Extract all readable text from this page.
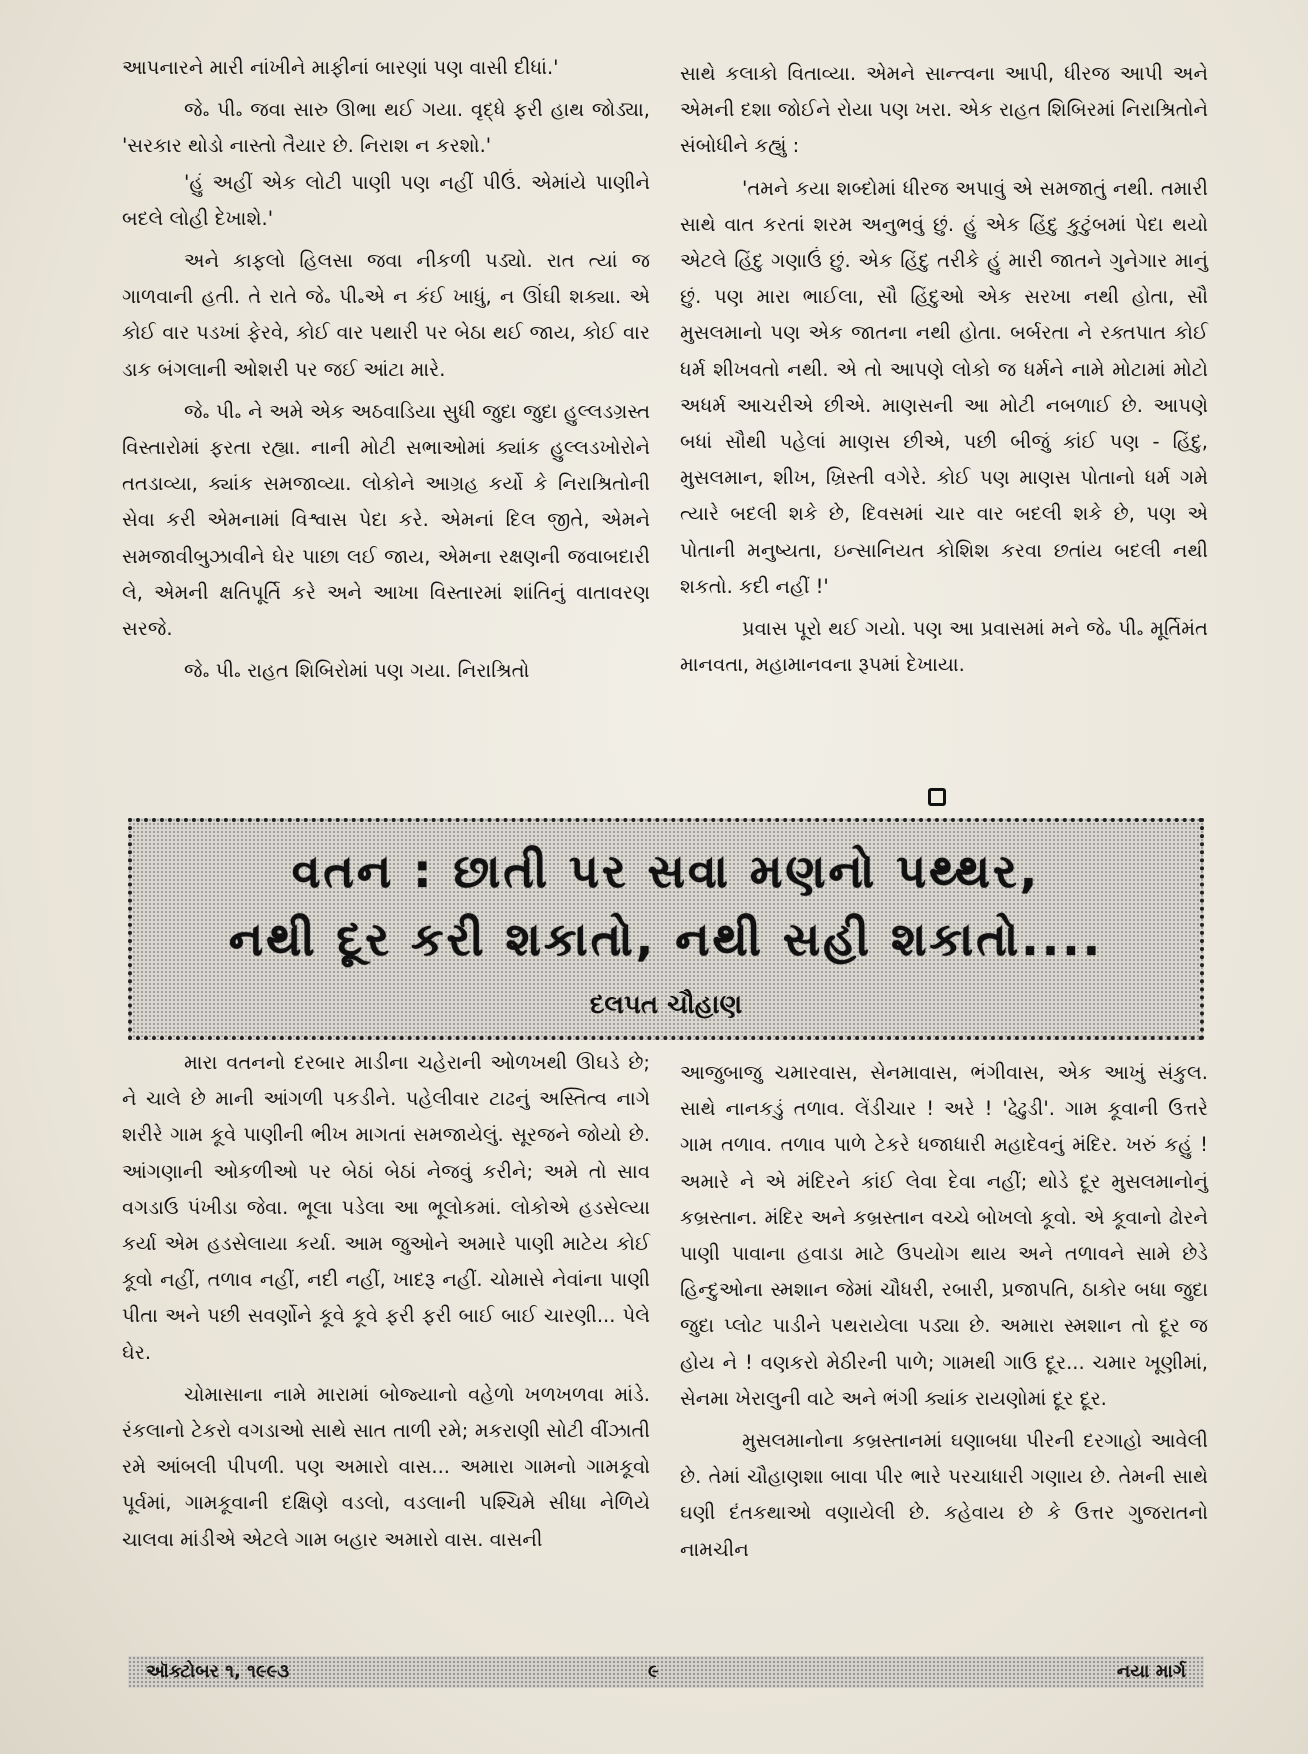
આપનારને મારી નાંખીને માફીનાં બારણાં પણ વાસી દીધાં.'

જે૰ પી૰ જવા સારુ ઊભા થઈ ગયા. વૃદ્ધે ફરી હાથ જોડ્યા, 'સરકાર થોડો નાસ્તો તૈયાર છે. નિરાશ ન કરશો.'

'હું અહીં એક લોટી પાણી પણ નહીં પીઉં. એમાંયે પાણીને બદલે લોહી દેખાશે.'

અને કાફલો હિલસા જવા નીકળી પડ્યો. રાત ત્યાં જ ગાળવાની હતી. તે રાતે જે૰ પી૰એ ન કંઈ ખાધું, ન ઊંઘી શક્યા. એ કોઈ વાર પડખાં ફેરવે, કોઈ વાર પથારી પર બેઠા થઈ જાય, કોઈ વાર ડાક બંગલાની ઓશરી પર જઈ આંટા મારે.

જે૰ પી૰ ને અમે એક અઠવાડિયા સુધી જુદા જુદા હુલ્લડગ્રસ્ત વિસ્તારોમાં ફરતા રહ્યા. નાની મોટી સભાઓમાં ક્યાંક હુલ્લડખોરોને તતડાવ્યા, ક્યાંક સમજાવ્યા. લોકોને આગ્રહ કર્યો કે નિરાશ્રિતોની સેવા કરી એમનામાં વિશ્વાસ પેદા કરે. એમનાં દિલ જીતે, એમને સમજાવીબુઝાવીને ઘેર પાછા લઈ જાય, એમના રક્ષણની જવાબદારી લે, એમની ક્ષતિપૂર્તિ કરે અને આખા વિસ્તારમાં શાંતિનું વાતાવરણ સરજે.

જે૰ પી૰ રાહત શિબિરોમાં પણ ગયા. નિરાશ્રિતો

સાથે કલાકો વિતાવ્યા. એમને સાન્ત્વના આપી, ધીરજ આપી અને એમની દશા જોઈને રોયા પણ ખરા. એક રાહત શિબિરમાં નિરાશ્રિતોને સંબોધીને કહ્યું :

'તમને કયા શબ્દોમાં ધીરજ અપાવું એ સમજાતું નથી. તમારી સાથે વાત કરતાં શરમ અનુભવું છું. હું એક હિંદુ કુટુંબમાં પેદા થયો એટલે હિંદુ ગણાઉં છું. એક હિંદુ તરીકે હું મારી જાતને ગુનેગાર માનું છું. પણ મારા ભાઈલા, સૌ હિંદુઓ એક સરખા નથી હોતા, સૌ મુસલમાનો પણ એક જાતના નથી હોતા. બર્બરતા ને રક્તપાત કોઈ ધર્મ શીખવતો નથી. એ તો આપણે લોકો જ ધર્મને નામે મોટામાં મોટો અધર્મ આચરીએ છીએ. માણસની આ મોટી નબળાઈ છે. આપણે બધાં સૌથી પહેલાં માણસ છીએ, પછી બીજું કાંઈ પણ - હિંદુ, મુસલમાન, શીખ, ખ્રિસ્તી વગેરે. કોઈ પણ માણસ પોતાનો ધર્મ ગમે ત્યારે બદલી શકે છે, દિવસમાં ચાર વાર બદલી શકે છે, પણ એ પોતાની મનુષ્યતા, ઇન્સાનિયત કોશિશ કરવા છતાંય બદલી નથી શકતો. કદી નહીં !'

પ્રવાસ પૂરો થઈ ગયો. પણ આ પ્રવાસમાં મને જે૰ પી૰ મૂર્તિમંત માનવતા, મહામાનવના રૂપમાં દેખાયા.

વતન : છાતી પર સવા મણનો પથ્થર,
નથી દૂર કરી શકાતો, નથી સહી શકાતો....
દલપત ચૌહાણ

મારા વતનનો દરબાર માડીના ચહેરાની ઓળખથી ઊઘડે છે; ને ચાલે છે માની આંગળી પકડીને. પહેલીવાર ટાઢનું અસ્તિત્વ નાગે શરીરે ગામ કૂવે પાણીની ભીખ માગતાં સમજાયેલું. સૂરજને જોયો છે. આંગણાની ઓકળીઓ પર બેઠાં બેઠાં નેજવું કરીને; અમે તો સાવ વગડાઉ પંખીડા જેવા. ભૂલા પડેલા આ ભૂલોકમાં. લોકોએ હડસેલ્યા કર્યા એમ હડસેલાયા કર્યા. આમ જુઓને અમારે પાણી માટેય કોઈ કૂવો નહીં, તળાવ નહીં, નદી નહીં, ખાદરૂ નહીં. ચોમાસે નેવાંના પાણી પીતા અને પછી સવર્ણોને કૂવે કૂવે ફરી ફરી બાઈ બાઈ ચારણી... પેલે ઘેર.

ચોમાસાના નામે મારામાં બોજ્યાનો વહેળો ખળખળવા માંડે. રંકલાનો ટેકરો વગડાઓ સાથે સાત તાળી રમે; મકરાણી સોટી વીંઝાતી રમે આંબલી પીપળી. પણ અમારો વાસ... અમારા ગામનો ગામકૂવો પૂર્વમાં, ગામકૂવાની દક્ષિણે વડલો, વડલાની પશ્ચિમે સીધા નેળિયે ચાલવા માંડીએ એટલે ગામ બહાર અમારો વાસ. વાસની

આજુબાજુ ચમારવાસ, સેનમાવાસ, ભંગીવાસ, એક આખું સંકુલ. સાથે નાનકડું તળાવ. લેંડીચાર ! અરે ! 'ઢેઢુડી'. ગામ કૂવાની ઉત્તરે ગામ તળાવ. તળાવ પાળે ટેકરે ધજાધારી મહાદેવનું મંદિર. ખરું કહું ! અમારે ને એ મંદિરને કાંઈ લેવા દેવા નહીં; થોડે દૂર મુસલમાનોનું કબ્રસ્તાન. મંદિર અને કબ્રસ્તાન વચ્ચે બોખલો કૂવો. એ કૂવાનો ઢોરને પાણી પાવાના હવાડા માટે ઉપયોગ થાય અને તળાવને સામે છેડે હિન્દુઓના સ્મશાન જેમાં ચૌધરી, રબારી, પ્રજાપતિ, ઠાકોર બધા જુદા જુદા પ્લોટ પાડીને પથરાયેલા પડ્યા છે. અમારા સ્મશાન તો દૂર જ હોય ને ! વણકરો મેઠીરની પાળે; ગામથી ગાઉ દૂર... ચમાર ખૂણીમાં, સેનમા ખેરાલુની વાટે અને ભંગી ક્યાંક રાયણોમાં દૂર દૂર.

મુસલમાનોના કબ્રસ્તાનમાં ઘણાબધા પીરની દરગાહો આવેલી છે. તેમાં ચૌહાણશા બાવા પીર ભારે પરચાધારી ગણાય છે. તેમની સાથે ઘણી દંતકથાઓ વણાયેલી છે. કહેવાય છે કે ઉત્તર ગુજરાતનો નામચીન

ઑક્ટોબર ૧, ૧૯૯૩	૯	નયા માર્ગ
